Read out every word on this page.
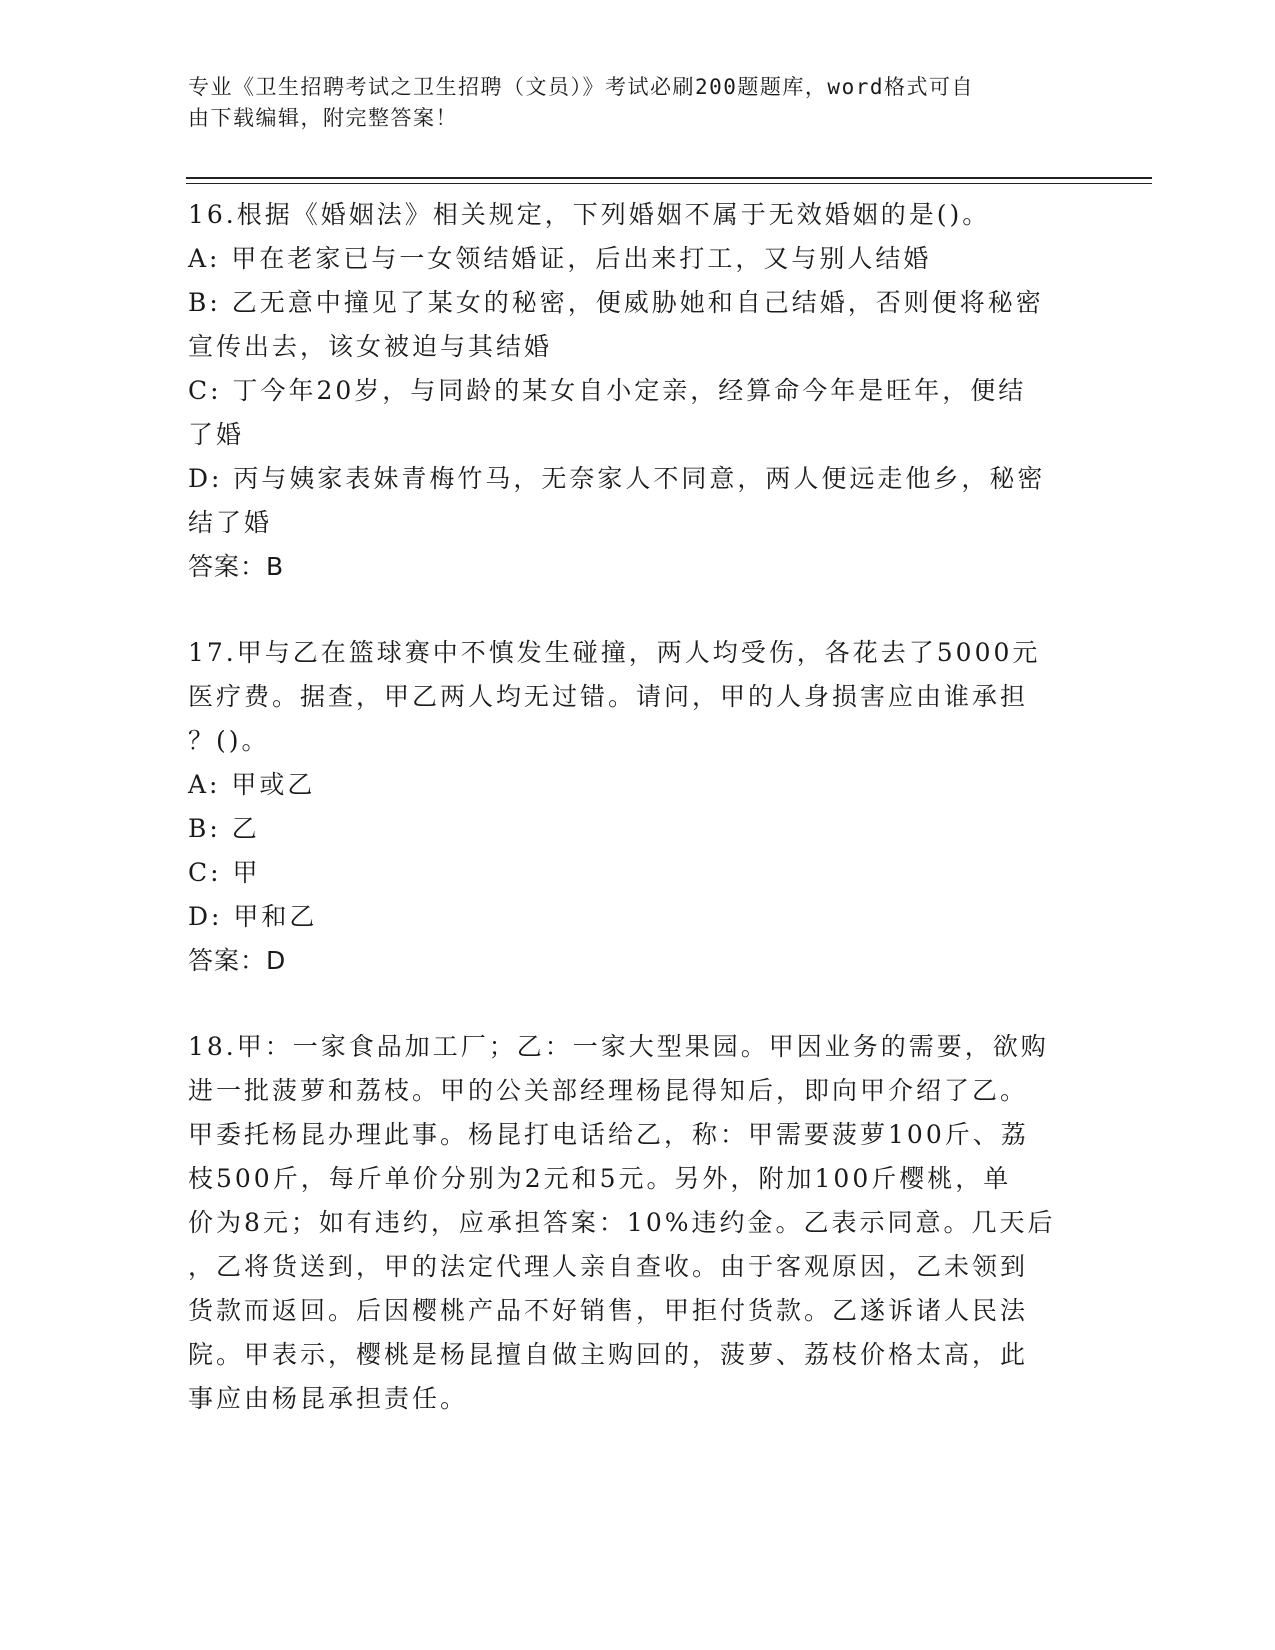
专业《卫生招聘考试之卫生招聘（文员）》考试必刷200题题库，word格式可自
由下载编辑，附完整答案！
16.根据《婚姻法》相关规定，下列婚姻不属于无效婚姻的是()。
A: 甲在老家已与一女领结婚证，后出来打工，又与别人结婚
B: 乙无意中撞见了某女的秘密，便威胁她和自己结婚，否则便将秘密
宣传出去，该女被迫与其结婚
C: 丁今年20岁，与同龄的某女自小定亲，经算命今年是旺年，便结
了婚
D: 丙与姨家表妹青梅竹马，无奈家人不同意，两人便远走他乡，秘密
结了婚
答案：B
17.甲与乙在篮球赛中不慎发生碰撞，两人均受伤，各花去了5000元
医疗费。据查，甲乙两人均无过错。请问，甲的人身损害应由谁承担
？()。
A: 甲或乙
B: 乙
C: 甲
D: 甲和乙
答案：D
18.甲：一家食品加工厂；乙：一家大型果园。甲因业务的需要，欲购
进一批菠萝和荔枝。甲的公关部经理杨昆得知后，即向甲介绍了乙。
甲委托杨昆办理此事。杨昆打电话给乙，称：甲需要菠萝100斤、荔
枝500斤，每斤单价分别为2元和5元。另外，附加100斤樱桃，单
价为8元；如有违约，应承担答案：10%违约金。乙表示同意。几天后
，乙将货送到，甲的法定代理人亲自查收。由于客观原因，乙未领到
货款而返回。后因樱桃产品不好销售，甲拒付货款。乙遂诉诸人民法
院。甲表示，樱桃是杨昆擅自做主购回的，菠萝、荔枝价格太高，此
事应由杨昆承担责任。
